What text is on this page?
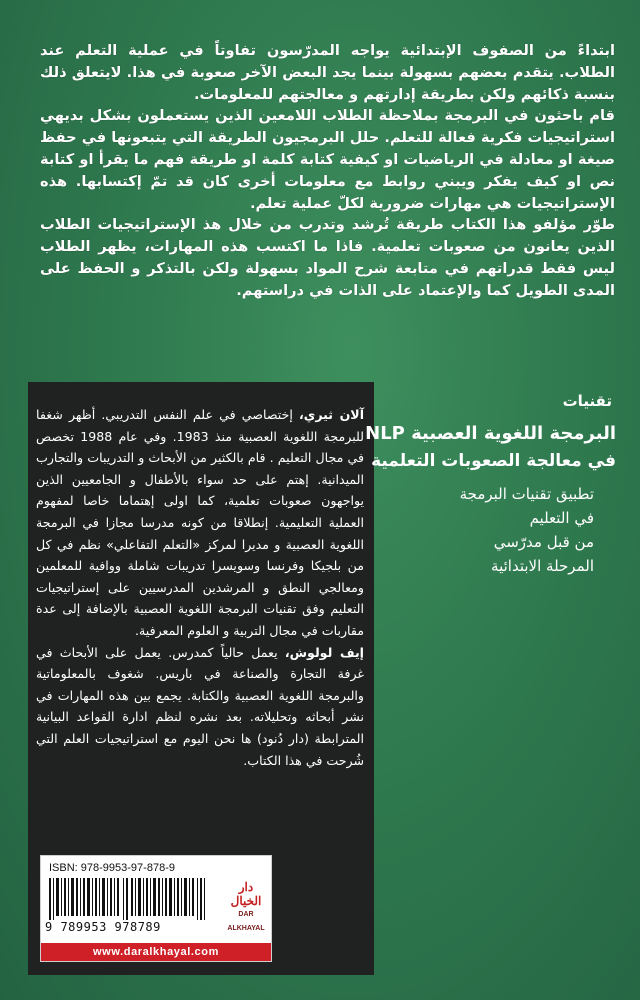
ابتداءً من الصفوف الإبتدائية يواجه المدرّسون تفاوتاً في عملية التعلم عند الطلاب. يتقدم بعضهم بسهولة بينما يجد البعض الآخر صعوبة في هذا. لايتعلق ذلك بنسبة ذكائهم ولكن بطريقة إدارتهم و معالجتهم للمعلومات.

قام باحثون في البرمجة بملاحظة الطلاب اللامعين الذين يستعملون بشكل بديهي استراتيجيات فكرية فعالة للتعلم. حلل البرمجيون الطريقة التي يتبعونها في حفظ صيغة او معادلة في الرياضيات او كيفية كتابة كلمة او طريقة فهم ما يقرأ او كتابة نص او كيف يفكر ويبني روابط مع معلومات أخرى كان قد تمّ إكتسابها. هذه الإستراتيجيات هي مهارات ضرورية لكلّ عملية تعلم.

طوّر مؤلفو هذا الكتاب طريقة تُرشد وتدرب من خلال هذ الإستراتيجيات الطلاب الذين يعانون من صعوبات تعلمية. فاذا ما اكتسب هذه المهارات، يظهر الطلاب ليس فقط قدراتهم في متابعة شرح المواد بسهولة ولكن بالتذكر و الحفظ على المدى الطويل كما والإعتماد على الذات في دراستهم.

آلان ثيري، إختصاصي في علم النفس التدريبي. أظهر شغفا للبرمجة اللغوية العصبية منذ 1983. وفي عام 1988 تخصص في مجال التعليم . قام بالكثير من الأبحاث و التدريبات والتجارب الميدانية. إهتم على حد سواء بالأطفال و الجامعيين الذين يواجهون صعوبات تعلمية، كما اولى إهتماما خاصا لمفهوم العملية التعليمية. إنطلاقا من كونه مدرسا مجازا في البرمجة اللغوية العصبية و مديرا لمركز «التعلم التفاعلي» نظم في كل من بلجيكا وفرنسا وسويسرا تدريبات شاملة ووافية للمعلمين ومعالجي النطق و المرشدين المدرسيين على إستراتيجيات التعليم وفق تقنيات البرمجة اللغوية العصبية بالإضافة إلى عدة مقاربات في مجال التربية و العلوم المعرفية.

إيف لولوش، يعمل حالياً كمدرس. يعمل على الأبحاث في غرفة التجارة والصناعة في باريس. شغوف بالمعلوماتية والبرمجة اللغوية العصبية والكتابة. يجمع بين هذه المهارات في نشر أبحاثه وتحليلاته. بعد نشره لنظم ادارة القواعد البيانية المترابطة (دار دُنود) ها نحن اليوم مع استراتيجيات العلم التي شُرحت في هذا الكتاب.

تقنيات
البرمجة اللغوية العصبية NLP
في معالجة الصعوبات التعلمية
تطبيق تقنيات البرمجة
في التعليم
من قبل مدرّسي
المرحلة الابتدائية
ISBN: 978-9953-97-878-9
9 789953 978789
دار الخيال
DAR ALKHAYAL
www.daralkhayal.com
